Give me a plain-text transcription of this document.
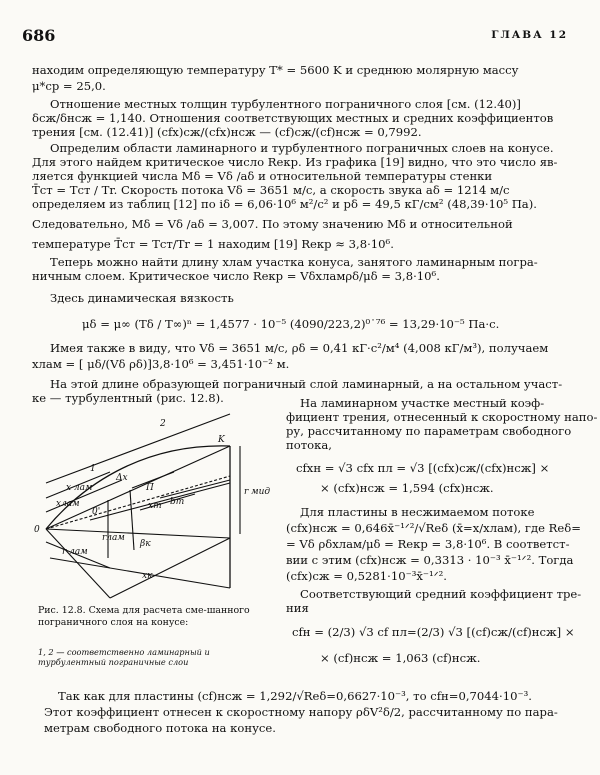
686	ГЛАВА 12
находим определяющую температуру T* = 5600 K и среднюю молярную массу
μ*ср = 25,0.
Отношение местных толщин турбулентного пограничного слоя [см. (12.40)]
δсж/δнсж = 1,140. Отношения соответствующих местных и средних коэффициентов
трения [см. (12.41)] (cfx)сж/(cfx)нсж — (cf)сж/(cf)нсж = 0,7992.
Определим области ламинарного и турбулентного пограничных слоев на конусе.
Для этого найдем критическое число Reкр. Из графика [19] видно, что это число яв-
ляется функцией числа Mδ = Vδ /aδ и относительной температуры стенки
T̄ст = Tст / Tr. Скорость потока Vδ = 3651 м/с, а скорость звука aδ = 1214 м/с
определяем из таблиц [12] по iδ = 6,06·10⁶ м²/с² и pδ = 49,5 кГ/см² (48,39·10⁵ Па).
Следовательно, Mδ = Vδ /aδ = 3,007. По этому значению Mδ и относительной
температуре T̄ст = Tст/Tr = 1 находим [19] Reкр ≈ 3,8·10⁶.
Теперь можно найти длину xлам участка конуса, занятого ламинарным погра-
ничным слоем. Критическое число Reкр = Vδxламρδ/μδ = 3,8·10⁶.
Здесь динамическая вязкость
μδ = μ∞ (Tδ / T∞)ⁿ = 1,4577 · 10⁻⁵ (4090/223,2)⁰˙⁷⁶ = 13,29·10⁻⁵ Па·с.
Имея также в виду, что Vδ = 3651 м/с, ρδ = 0,41 кГ·с²/м⁴ (4,008 кГ/м³), получаем
xлам = [ μδ/(Vδ ρδ)]3,8·10⁶ = 3,451·10⁻² м.
На этой длине образующей пограничный слой ламинарный, а на остальном участ-
ке — турбулентный (рис. 12.8).
1
2
x лам
xлам
Δx
0'
0
K
П
xт bт
r мид
r лам
rлам
βк
xк
Рис. 12.8. Схема для расчета сме-шанного пограничного слоя на конусе:
1, 2 — соответственно ламинарный и турбулентный пограничные слои
На ламинарном участке местный коэф-
фициент трения, отнесенный к скоростному напо-
ру, рассчитанному по параметрам свободного
потока,
cfxн = √3 cfx пл = √3 [(cfx)сж/(cfx)нсж] ×
× (cfx)нсж = 1,594 (cfx)нсж.
Для пластины в несжимаемом потоке
(cfx)нсж = 0,646x̄⁻¹ᐟ²/√Reδ (x̄=x/xлам), где Reδ=
= Vδ ρδxлам/μδ = Reкр = 3,8·10⁶. В соответст-
вии с этим (cfx)нсж = 0,3313 · 10⁻³ x̄⁻¹ᐟ². Тогда
(cfx)сж = 0,5281·10⁻³x̄⁻¹ᐟ².
Соответствующий средний коэффициент тре-
ния
cfн = (2/3) √3 cf пл=(2/3) √3 [(cf)сж/(cf)нсж] ×
× (cf)нсж = 1,063 (cf)нсж.
Так как для пластины (cf)нсж = 1,292/√Reδ=0,6627·10⁻³, то cfн=0,7044·10⁻³.
Этот коэффициент отнесен к скоростному напору ρδV²δ/2, рассчитанному по пара-
метрам свободного потока на конусе.
